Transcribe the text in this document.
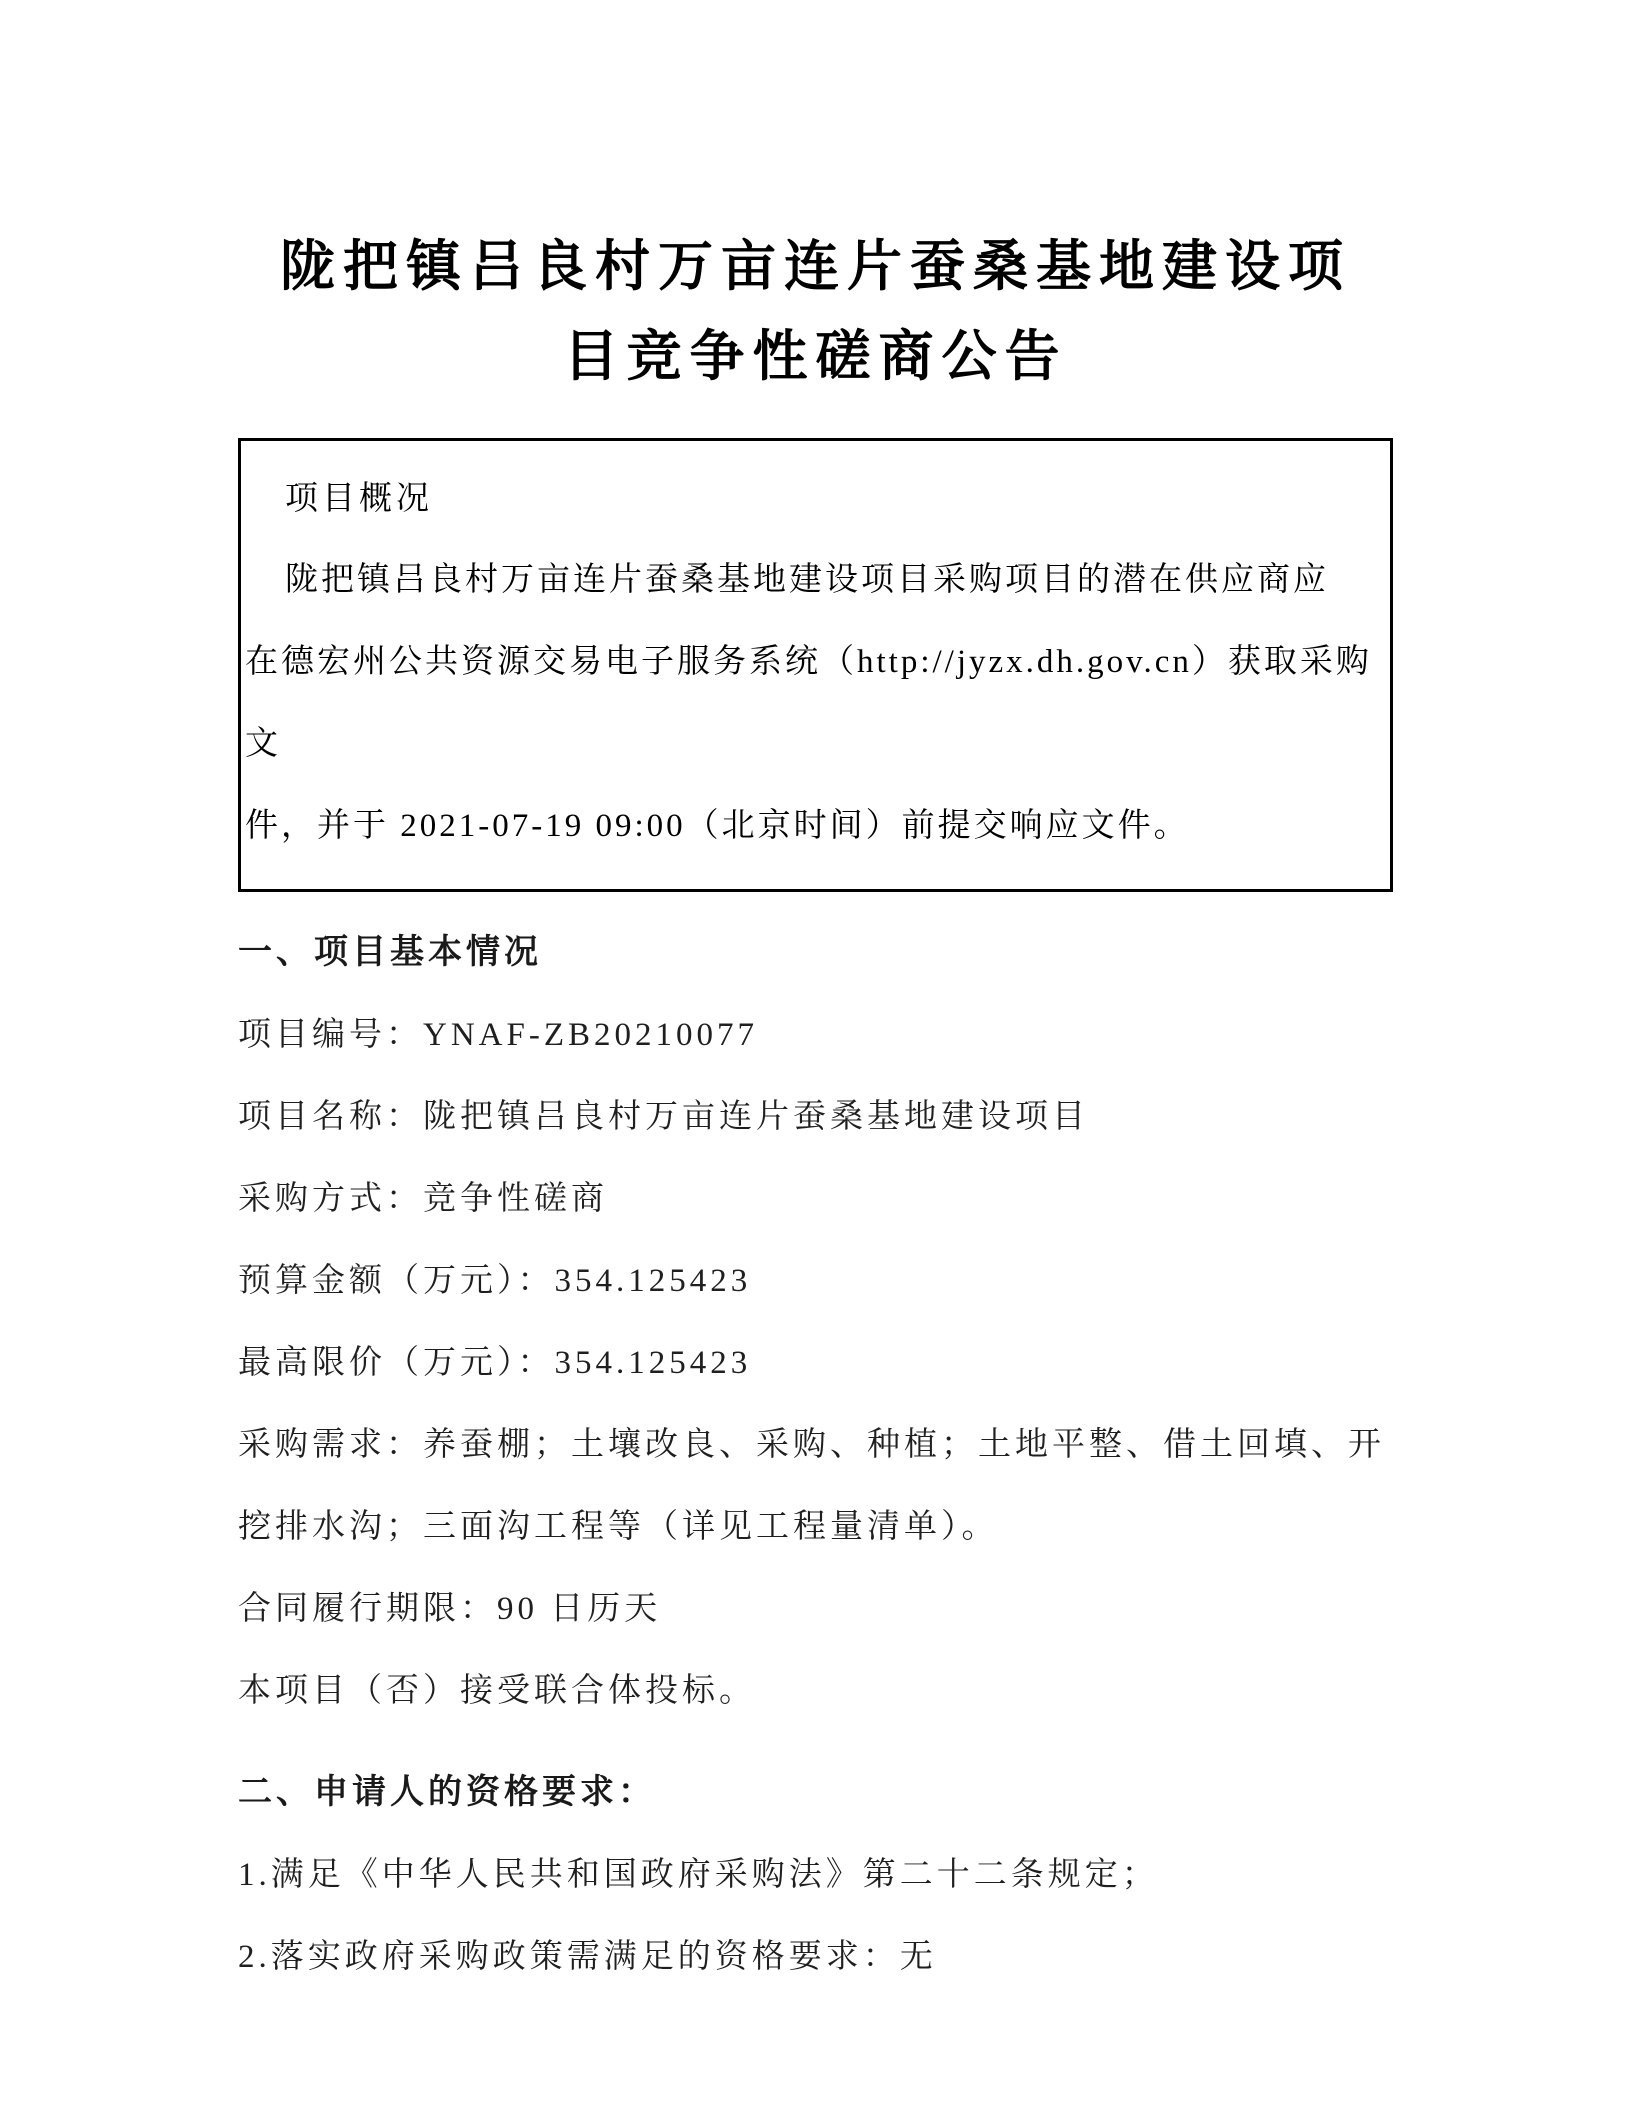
陇把镇吕良村万亩连片蚕桑基地建设项
目竞争性磋商公告
项目概况

陇把镇吕良村万亩连片蚕桑基地建设项目采购项目的潜在供应商应

在德宏州公共资源交易电子服务系统（http://jyzx.dh.gov.cn）获取采购文

件，并于 2021-07-19 09:00（北京时间）前提交响应文件。

一、项目基本情况

项目编号：YNAF-ZB20210077

项目名称：陇把镇吕良村万亩连片蚕桑基地建设项目

采购方式：竞争性磋商

预算金额（万元）：354.125423

最高限价（万元）：354.125423

采购需求：养蚕棚；土壤改良、采购、种植；土地平整、借土回填、开

挖排水沟；三面沟工程等（详见工程量清单）。

合同履行期限：90 日历天

本项目（否）接受联合体投标。

二、申请人的资格要求：

1.满足《中华人民共和国政府采购法》第二十二条规定；

2.落实政府采购政策需满足的资格要求：无
